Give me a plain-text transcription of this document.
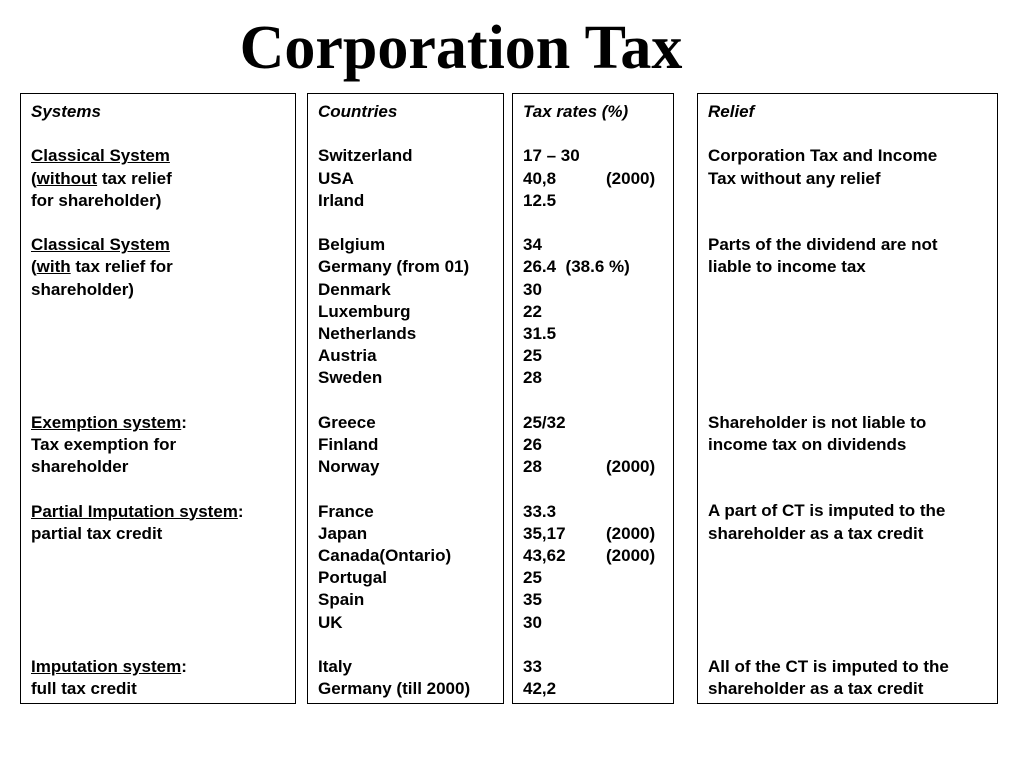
Corporation Tax
Systems
Classical System
(without tax relief
for shareholder)
Classical System
(with tax relief for
shareholder)
Exemption system:
Tax exemption for
shareholder
Partial Imputation system:
partial tax credit
Imputation system:
full tax credit
Countries
Switzerland
USA
Irland
Belgium
Germany (from 01)
Denmark
Luxemburg
Netherlands
Austria
Sweden
Greece
Finland
Norway
France
Japan
Canada(Ontario)
Portugal
Spain
UK
Italy
Germany (till 2000)
Tax rates (%)
17 – 30
40,8	(2000)
12.5
34
26.4  (38.6 %)
30
22
31.5
25
28
25/32
26
28	(2000)
33.3
35,17 (2000)
43,62 (2000)
25
35
30
33
42,2
Relief
Corporation Tax and Income
Tax without any relief
Parts of the dividend are not
liable to income tax
Shareholder is not liable to
income tax on dividends
A part of CT is imputed to the
shareholder as a tax credit
All of the CT is imputed to the
shareholder as a tax credit
